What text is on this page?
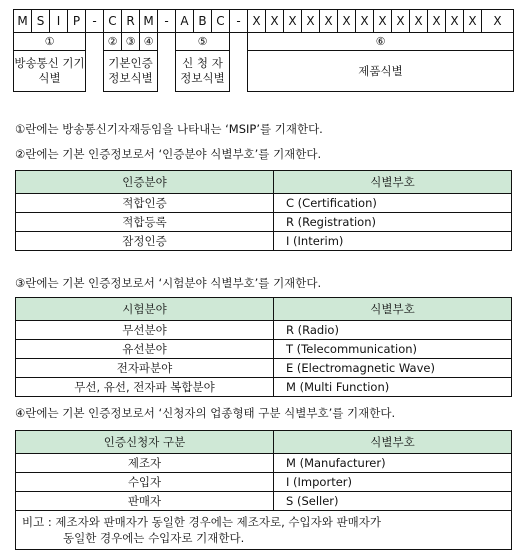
M	S	I	P	-	C	R	M	-	A	B	C	-	X	X	X	X	X	X	X	X	X	X	X	X	X	X
①					②	③	④		⑤				⑥													
방송통신 기기식별					기본인증 정보식별				신 청 자 정보식별				제품식별													
①란에는 방송통신기자재등임을 나타내는 ‘MSIP’를 기재한다.
②란에는 기본 인증정보로서 ‘인증분야 식별부호’를 기재한다.
인증분야	식별부호
적합인증	C (Certification)
적합등록	R (Registration)
잠정인증	I (Interim)
③란에는 기본 인증정보로서 ‘시험분야 식별부호’를 기재한다.
시험분야	식별부호
무선분야	R (Radio)
유선분야	T (Telecommunication)
전자파분야	E (Electromagnetic Wave)
무선, 유선, 전자파 복합분야	M (Multi Function)
④란에는 기본 인증정보로서 ‘신청자의 업종형태 구분 식별부호’를 기재한다.
인증신청자 구분	식별부호
제조자	M (Manufacturer)
수입자	I (Importer)
판매자	S (Seller)
비고 : 제조자와 판매자가 동일한 경우에는 제조자로, 수입자와 판매자가
동일한 경우에는 수입자로 기재한다.	
